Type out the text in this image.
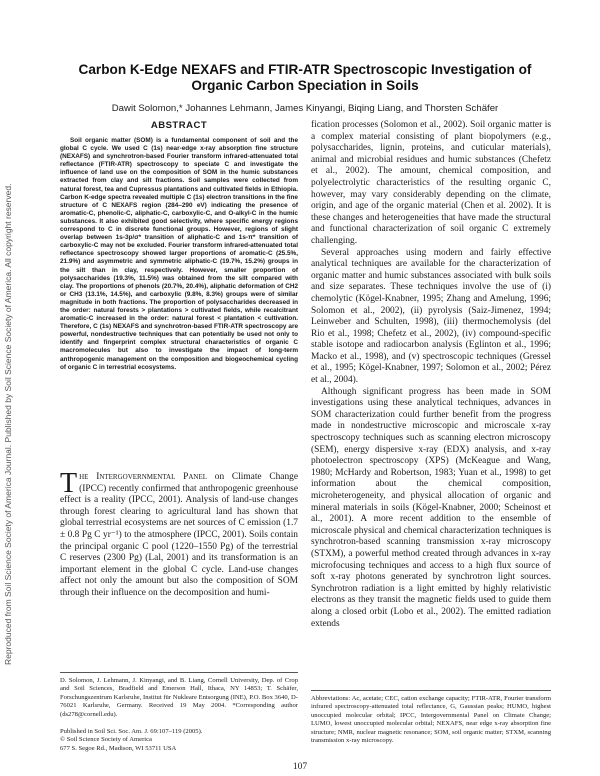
Reproduced from Soil Science Society of America Journal. Published by Soil Science Society of America. All copyright reserved.
Carbon K-Edge NEXAFS and FTIR-ATR Spectroscopic Investigation of
Organic Carbon Speciation in Soils
Dawit Solomon,* Johannes Lehmann, James Kinyangi, Biqing Liang, and Thorsten Schäfer
ABSTRACT

Soil organic matter (SOM) is a fundamental component of soil and the global C cycle. We used C (1s) near-edge x-ray absorption fine structure (NEXAFS) and synchrotron-based Fourier transform infrared-attenuated total reflectance (FTIR-ATR) spectroscopy to speciate C and investigate the influence of land use on the composition of SOM in the humic substances extracted from clay and silt fractions. Soil samples were collected from natural forest, tea and Cupressus plantations and cultivated fields in Ethiopia. Carbon K-edge spectra revealed multiple C (1s) electron transitions in the fine structure of C NEXAFS region (284–290 eV) indicating the presence of aromatic-C, phenolic-C, aliphatic-C, carboxylic-C, and O-alkyl-C in the humic substances. It also exhibited good selectivity, where specific energy regions correspond to C in discrete functional groups. However, regions of slight overlap between 1s-3p/σ* transition of aliphatic-C and 1s-π* transition of carboxylic-C may not be excluded. Fourier transform infrared-attenuated total reflectance spectroscopy showed larger proportions of aromatic-C (25.5%, 21.9%) and asymmetric and symmetric aliphatic-C (19.7%, 15.2%) groups in the silt than in clay, respectively. However, smaller proportion of polysaccharides (19.3%, 11.5%) was obtained from the silt compared with clay. The proportions of phenols (20.7%, 20.4%), aliphatic deformation of CH2 or CH3 (13.1%, 14.5%), and carboxylic (9.8%, 8.3%) groups were of similar magnitude in both fractions. The proportion of polysaccharides decreased in the order: natural forests > plantations > cultivated fields, while recalcitrant aromatic-C increased in the order: natural forest < plantation < cultivation. Therefore, C (1s) NEXAFS and synchrotron-based FTIR-ATR spectroscopy are powerful, nondestructive techniques that can potentially be used not only to identify and fingerprint complex structural characteristics of organic C macromolecules but also to investigate the impact of long-term anthropogenic management on the composition and biogeochemical cycling of organic C in terrestrial ecosystems.

The Intergovernmental Panel on Climate Change (IPCC) recently confirmed that anthropogenic greenhouse effect is a reality (IPCC, 2001). Analysis of land-use changes through forest clearing to agricultural land has shown that global terrestrial ecosystems are net sources of C emission (1.7 ± 0.8 Pg C yr⁻¹) to the atmosphere (IPCC, 2001). Soils contain the principal organic C pool (1220–1550 Pg) of the terrestrial C reserves (2300 Pg) (Lal, 2001) and its transformation is an important element in the global C cycle. Land-use changes affect not only the amount but also the composition of SOM through their influence on the decomposition and humi-

D. Solomon, J. Lehmann, J. Kinyangi, and B. Liang, Cornell University, Dep. of Crop and Soil Sciences, Bradfield and Emerson Hall, Ithaca, NY 14853; T. Schäfer, Forschungszentrum Karlsruhe, Institut für Nukleare Entsorgung (INE), P.O. Box 3640, D-76021 Karlsruhe, Germany. Received 19 May 2004. *Corresponding author (ds278@cornell.edu).

Published in Soil Sci. Soc. Am. J. 69:107–119 (2005).
© Soil Science Society of America
677 S. Segoe Rd., Madison, WI 53711 USA

fication processes (Solomon et al., 2002). Soil organic matter is a complex material consisting of plant biopolymers (e.g., polysaccharides, lignin, proteins, and cuticular materials), animal and microbial residues and humic substances (Chefetz et al., 2002). The amount, chemical composition, and polyelectrolytic characteristics of the resulting organic C, however, may vary considerably depending on the climate, origin, and age of the organic material (Chen et al. 2002). It is these changes and heterogeneities that have made the structural and functional characterization of soil organic C extremely challenging.

Several approaches using modern and fairly effective analytical techniques are available for the characterization of organic matter and humic substances associated with bulk soils and size separates. These techniques involve the use of (i) chemolytic (Kögel-Knabner, 1995; Zhang and Amelung, 1996; Solomon et al., 2002), (ii) pyrolysis (Saiz-Jimenez, 1994; Leinweber and Schulten, 1998), (iii) thermochemolysis (del Rio et al., 1998; Chefetz et al., 2002), (iv) compound-specific stable isotope and radiocarbon analysis (Eglinton et al., 1996; Macko et al., 1998), and (v) spectroscopic techniques (Gressel et al., 1995; Kögel-Knabner, 1997; Solomon et al., 2002; Pérez et al., 2004).

Although significant progress has been made in SOM investigations using these analytical techniques, advances in SOM characterization could further benefit from the progress made in nondestructive microscopic and microscale x-ray spectroscopy techniques such as scanning electron microscopy (SEM), energy dispersive x-ray (EDX) analysis, and x-ray photoelectron spectroscopy (XPS) (McKeague and Wang, 1980; McHardy and Robertson, 1983; Yuan et al., 1998) to get information about the chemical composition, microheterogeneity, and physical allocation of organic and mineral materials in soils (Kögel-Knabner, 2000; Scheinost et al., 2001). A more recent addition to the ensemble of microscale physical and chemical characterization techniques is synchrotron-based scanning transmission x-ray microscopy (STXM), a powerful method created through advances in x-ray microfocusing techniques and access to a high flux source of soft x-ray photons generated by synchrotron light sources. Synchrotron radiation is a light emitted by highly relativistic electrons as they transit the magnetic fields used to guide them along a closed orbit (Lobo et al., 2002). The emitted radiation extends

Abbreviations: Ac, acetate; CEC, cation exchange capacity; FTIR-ATR, Fourier transform infrared spectroscopy-attenuated total reflectance, G, Gaussian peaks; HUMO, highest unoccupied molecular orbital; IPCC, Intergovernmental Panel on Climate Change; LUMO, lowest unoccupied molecular orbital; NEXAFS, near edge x-ray absorption fine structure; NMR, nuclear magnetic resonance; SOM, soil organic matter; STXM, scanning transmission x-ray microscopy.

107
